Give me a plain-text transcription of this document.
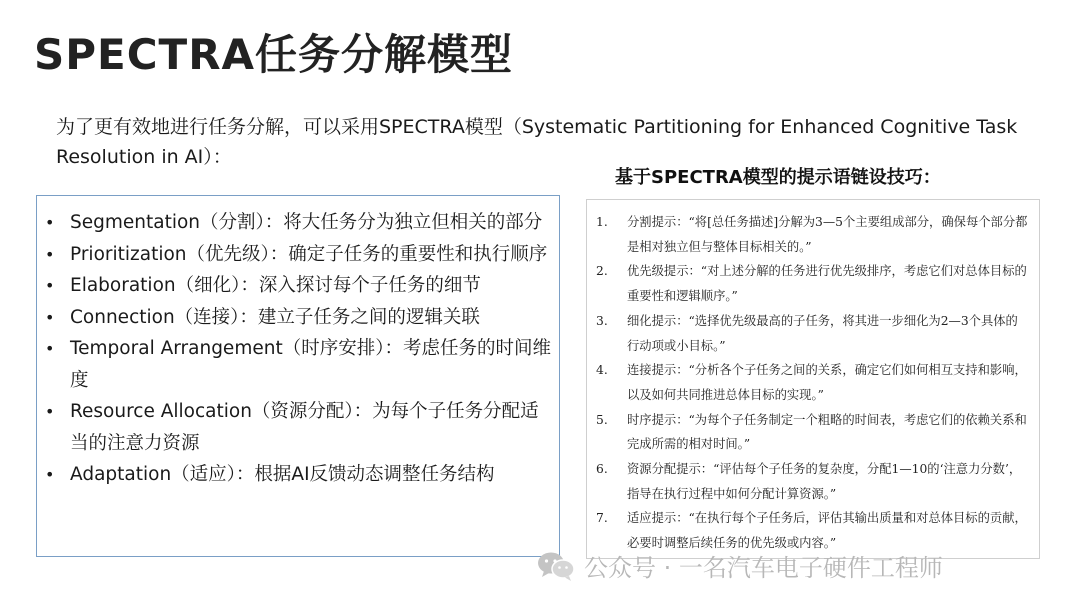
SPECTRA任务分解模型
为了更有效地进行任务分解，可以采用SPECTRA模型（Systematic Partitioning for Enhanced Cognitive Task Resolution in AI）：
• Segmentation（分割）：将大任务分为独立但相关的部分
• Prioritization（优先级）：确定子任务的重要性和执行顺序
• Elaboration（细化）：深入探讨每个子任务的细节
• Connection（连接）：建立子任务之间的逻辑关联
• Temporal Arrangement（时序安排）：考虑任务的时间维度
• Resource Allocation（资源分配）：为每个子任务分配适当的注意力资源
• Adaptation（适应）：根据AI反馈动态调整任务结构
基于SPECTRA模型的提示语链设技巧：
1. 分割提示：“将[总任务描述]分解为3—5个主要组成部分，确保每个部分都是相对独立但与整体目标相关的。”
2. 优先级提示：“对上述分解的任务进行优先级排序，考虑它们对总体目标的重要性和逻辑顺序。”
3. 细化提示：“选择优先级最高的子任务，将其进一步细化为2—3个具体的行动项或小目标。”
4. 连接提示：“分析各个子任务之间的关系，确定它们如何相互支持和影响，以及如何共同推进总体目标的实现。”
5. 时序提示：“为每个子任务制定一个粗略的时间表，考虑它们的依赖关系和完成所需的相对时间。”
6. 资源分配提示：“评估每个子任务的复杂度，分配1—10的‘注意力分数’，指导在执行过程中如何分配计算资源。”
7. 适应提示：“在执行每个子任务后，评估其输出质量和对总体目标的贡献，必要时调整后续任务的优先级或内容。”
公众号 · 一名汽车电子硬件工程师
